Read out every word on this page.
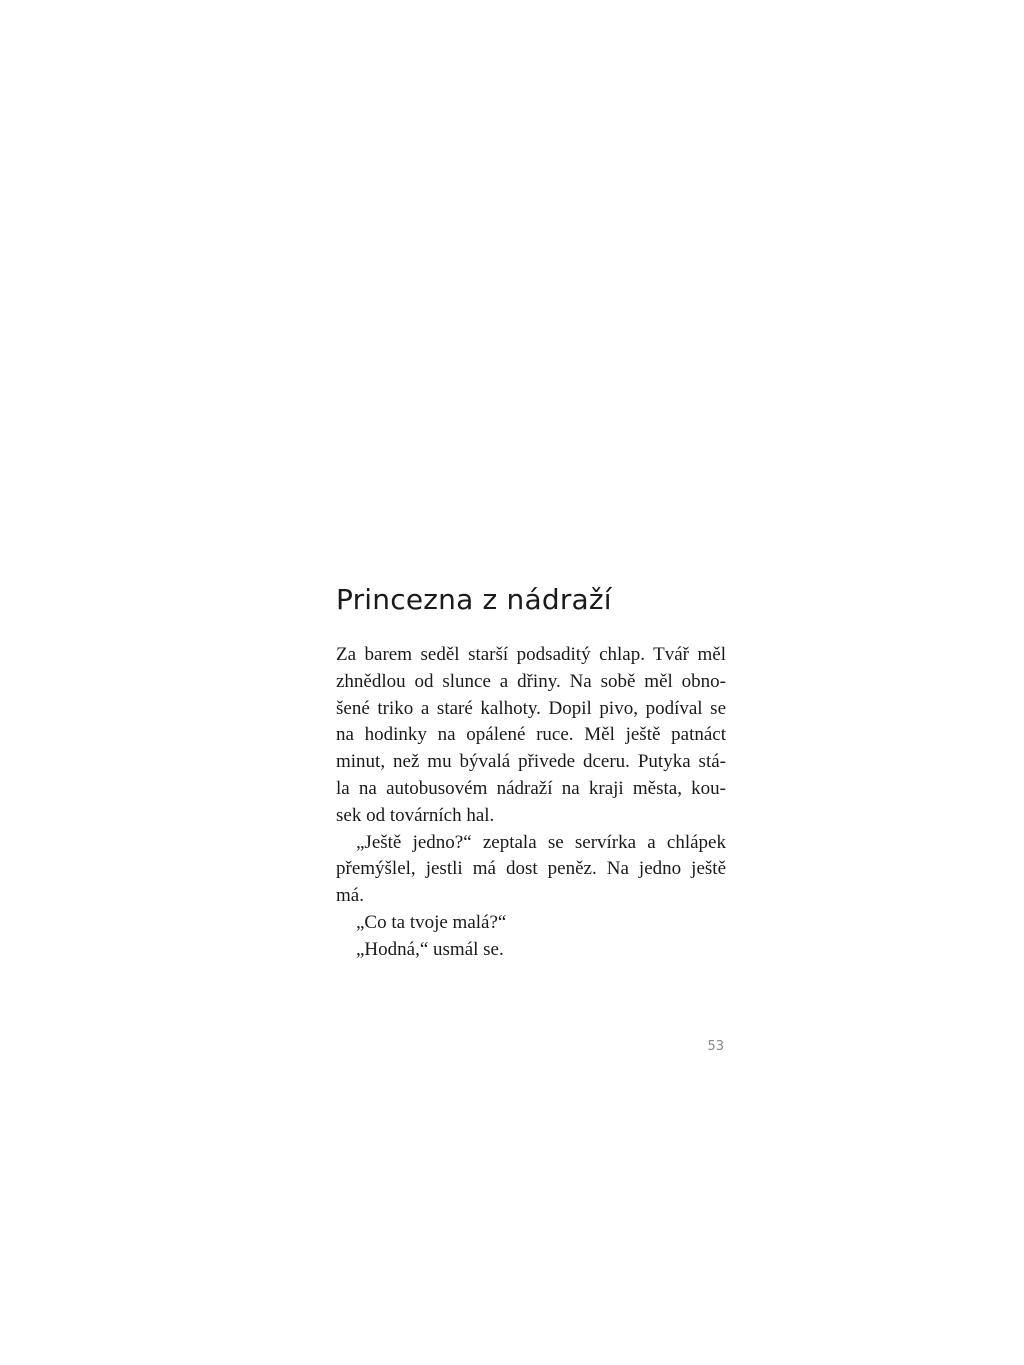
Princezna z nádraží
Za barem seděl starší podsaditý chlap. Tvář měl
zhnědlou od slunce a dřiny. Na sobě měl obno-
šené triko a staré kalhoty. Dopil pivo, podíval se
na hodinky na opálené ruce. Měl ještě patnáct
minut, než mu bývalá přivede dceru. Putyka stá-
la na autobusovém nádraží na kraji města, kou-
sek od továrních hal.
„Ještě jedno?“ zeptala se servírka a chlápek
přemýšlel, jestli má dost peněz. Na jedno ještě
má.
„Co ta tvoje malá?“
„Hodná,“ usmál se.
53
